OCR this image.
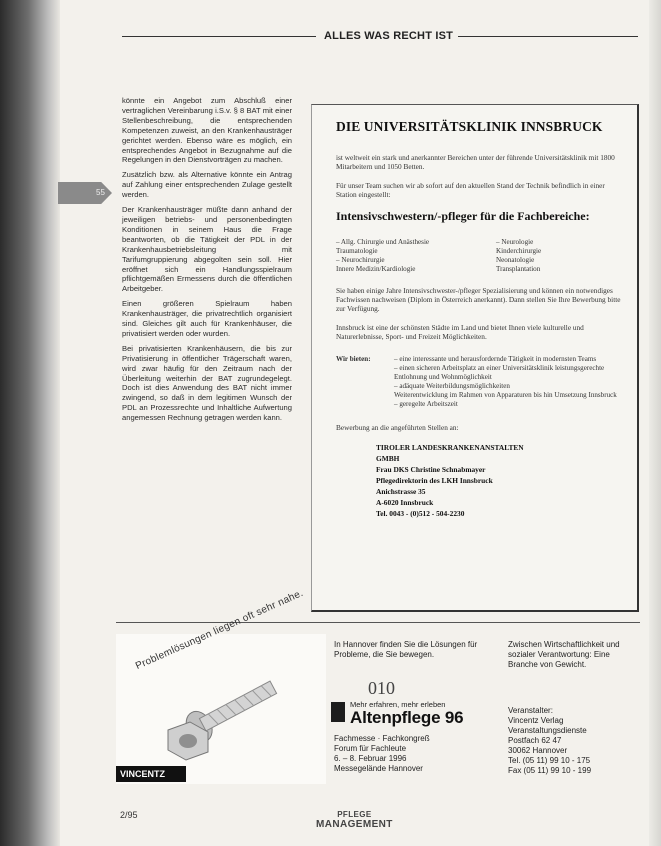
55
ALLES WAS RECHT IST

könnte ein Angebot zum Abschluß einer vertraglichen Vereinbarung i.S.v. § 8 BAT mit einer Stellenbeschreibung, die entsprechenden Kompetenzen zuweist, an den Krankenhausträger gerichtet werden. Ebenso wäre es möglich, ein entsprechendes Angebot in Bezugnahme auf die Regelungen in den Dienstvorträgen zu machen.

Zusätzlich bzw. als Alternative könnte ein Antrag auf Zahlung einer entsprechenden Zulage gestellt werden.

Der Krankenhausträger müßte dann anhand der jeweiligen betriebs- und personenbedingten Konditionen in seinem Haus die Frage beantworten, ob die Tätigkeit der PDL in der Krankenhausbetriebsleitung mit Tarifumgruppierung abgegolten sein soll. Hier eröffnet sich ein Handlungsspielraum pflichtgemäßen Ermessens durch die öffentlichen Arbeitgeber.

Einen größeren Spielraum haben Krankenhausträger, die privatrechtlich organisiert sind. Gleiches gilt auch für Krankenhäuser, die privatisiert werden oder wurden.

Bei privatisierten Krankenhäusern, die bis zur Privatisierung in öffentlicher Trägerschaft waren, wird zwar häufig für den Zeitraum nach der Überleitung weiterhin der BAT zugrundegelegt. Doch ist dies Anwendung des BAT nicht immer zwingend, so daß in dem legitimen Wunsch der PDL an Prozessrechte und Inhaltliche Aufwertung angemessen Rechnung getragen werden kann.

DIE UNIVERSITÄTSKLINIK INNSBRUCK

ist weltweit ein stark und anerkannter Bereichen unter der führende Universitätsklinik mit 1800 Mitarbeitern und 1050 Betten.

Für unser Team suchen wir ab sofort auf den aktuellen Stand der Technik befindlich in einer Station eingestellt:

Intensivschwestern/-pfleger für die Fachbereiche:
– Allg. Chirurgie und Anästhesie
Traumatologie
– Neurochirurgie
Innere Medizin/Kardiologie
– Neurologie
Kinderchirurgie
Neonatologie
Transplantation

Sie haben einige Jahre Intensivschwester-/pfleger Spezialisierung und können ein notwendiges Fachwissen nachweisen (Diplom in Österreich anerkannt). Dann stellen Sie Ihre Bewerbung bitte zur Verfügung.

Innsbruck ist eine der schönsten Städte im Land und bietet Ihnen viele kulturelle und Naturerlebnisse, Sport- und Freizeit Möglichkeiten.

Wir bieten:	– eine interessante und herausfordernde Tätigkeit in modernsten Teams
– einen sicheren Arbeitsplatz an einer Universitätsklinik leistungsgerechte Entlohnung und Wohnmöglichkeit
– adäquate Weiterbildungsmöglichkeiten
Weiterentwicklung im Rahmen von Apparaturen bis hin Umsetzung Innsbruck
– geregelte Arbeitszeit

Bewerbung an die angeführten Stellen an:

TIROLER LANDESKRANKENANSTALTEN
GMBH
Frau DKS Christine Schnabmayer
Pflegedirektorin des LKH Innsbruck
Anichstrasse 35
A-6020 Innsbruck
Tel. 0043 - (0)512 - 504-2230
Problemlösungen liegen oft sehr nahe.
VINCENTZ
In Hannover finden Sie die Lösungen für Probleme, die Sie bewegen.
010
Mehr erfahren, mehr erleben
Altenpflege 96
Fachmesse · Fachkongreß
Forum für Fachleute
6. – 8. Februar 1996
Messegelände Hannover
Zwischen Wirtschaftlichkeit und sozialer Verantwortung: Eine Branche von Gewicht.
Veranstalter:
Vincentz Verlag
Veranstaltungsdienste
Postfach 62 47
30062 Hannover
Tel. (05 11) 99 10 - 175
Fax (05 11) 99 10 - 199
2/95	PFLEGE
MANAGEMENT
